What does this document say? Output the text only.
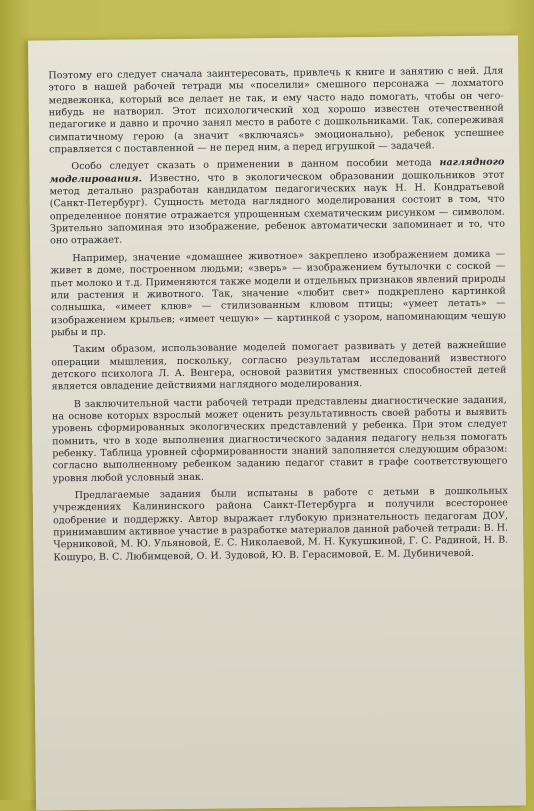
Поэтому его следует сначала заинтересовать, привлечь к книге и занятию с ней. Для этого в нашей рабочей тетради мы «поселили» смешного персонажа — лохматого медвежонка, который все делает не так, и ему часто надо помогать, чтобы он чего-нибудь не натворил. Этот психологический ход хорошо известен отечественной педагогике и давно и прочно занял место в работе с дошкольниками. Так, сопереживая симпатичному герою (а значит «включаясь» эмоционально), ребенок успешнее справляется с поставленной — не перед ним, а перед игрушкой — задачей.

Особо следует сказать о применении в данном пособии метода наглядного моделирования. Известно, что в экологическом образовании дошкольников этот метод детально разработан кандидатом педагогических наук Н. Н. Кондратьевой (Санкт-Петербург). Сущность метода наглядного моделирования состоит в том, что определенное понятие отражается упрощенным схематическим рисунком — символом. Зрительно запоминая это изображение, ребенок автоматически запоминает и то, что оно отражает.

Например, значение «домашнее животное» закреплено изображением домика — живет в доме, построенном людьми; «зверь» — изображением бутылочки с соской — пьет молоко и т.д. Применяются также модели и отдельных признаков явлений природы или растения и животного. Так, значение «любит свет» подкреплено картинкой солнышка, «имеет клюв» — стилизованным клювом птицы; «умеет летать» — изображением крыльев; «имеет чешую» — картинкой с узором, напоминающим чешую рыбы и пр.

Таким образом, использование моделей помогает развивать у детей важнейшие операции мышления, поскольку, согласно результатам исследований известного детского психолога Л. А. Венгера, основой развития умственных способностей детей является овладение действиями наглядного моделирования.

В заключительной части рабочей тетради представлены диагностические задания, на основе которых взрослый может оценить результативность своей работы и выявить уровень сформированных экологических представлений у ребенка. При этом следует помнить, что в ходе выполнения диагностического задания педагогу нельзя помогать ребенку. Таблица уровней сформированности знаний заполняется следующим образом: согласно выполненному ребенком заданию педагог ставит в графе соответствующего уровня любой условный знак.

Предлагаемые задания были испытаны в работе с детьми в дошкольных учреждениях Калининского района Санкт-Петербурга и получили всесторонее одобрение и поддержку. Автор выражает глубокую признательность педагогам ДОУ, принимавшим активное участие в разработке материалов данной рабочей тетради: В. Н. Черниковой, М. Ю. Ульяновой, Е. С. Николаевой, М. Н. Кукушкиной, Г. С. Радиной, Н. В. Кошуро, В. С. Любимцевой, О. И. Зудовой, Ю. В. Герасимовой, Е. М. Дубиничевой.
